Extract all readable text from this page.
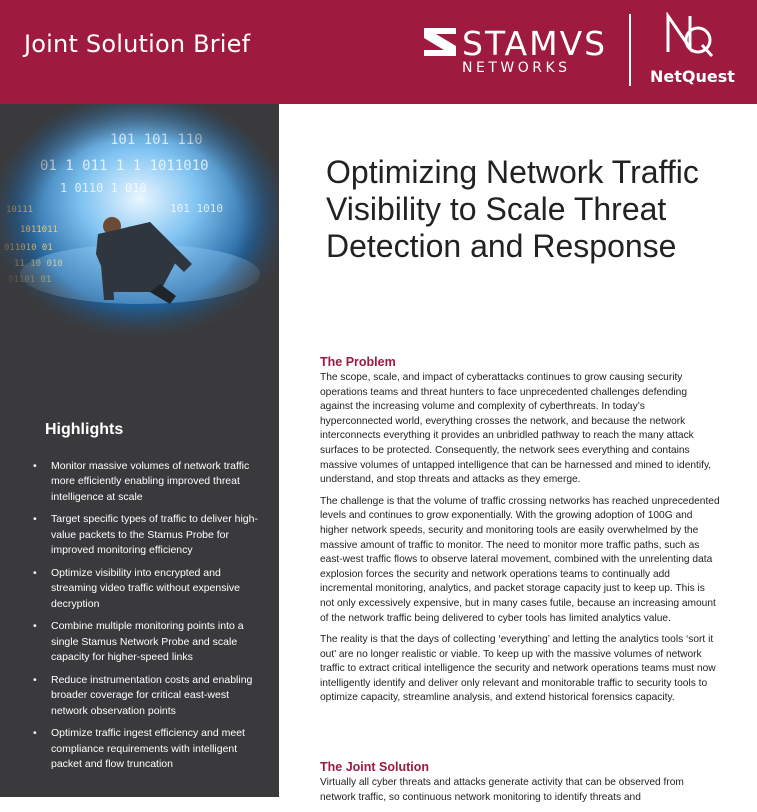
Joint Solution Brief	STAMVS
NETWORKS	NetQuest
Highlights
• Monitor massive volumes of network traffic more efficiently enabling improved threat intelligence at scale
• Target specific types of traffic to deliver high-value packets to the Stamus Probe for improved monitoring efficiency
• Optimize visibility into encrypted and streaming video traffic without expensive decryption
• Combine multiple monitoring points into a single Stamus Network Probe and scale capacity for higher-speed links
• Reduce instrumentation costs and enabling broader coverage for critical east-west network observation points
• Optimize traffic ingest efficiency and meet compliance requirements with intelligent packet and flow truncation
Optimizing Network Traffic Visibility to Scale Threat Detection and Response
The Problem

The scope, scale, and impact of cyberattacks continues to grow causing security operations teams and threat hunters to face unprecedented challenges defending against the increasing volume and complexity of cyberthreats. In today’s hyperconnected world, everything crosses the network, and because the network interconnects everything it provides an unbridled pathway to reach the many attack surfaces to be protected. Consequently, the network sees everything and contains massive volumes of untapped intelligence that can be harnessed and mined to identify, understand, and stop threats and attacks as they emerge.

The challenge is that the volume of traffic crossing networks has reached unprecedented levels and continues to grow exponentially. With the growing adoption of 100G and higher network speeds, security and monitoring tools are easily overwhelmed by the massive amount of traffic to monitor. The need to monitor more traffic paths, such as east-west traffic flows to observe lateral movement, combined with the unrelenting data explosion forces the security and network operations teams to continually add incremental monitoring, analytics, and packet storage capacity just to keep up. This is not only excessively expensive, but in many cases futile, because an increasing amount of the network traffic being delivered to cyber tools has limited analytics value.

The reality is that the days of collecting ‘everything’ and letting the analytics tools ‘sort it out’ are no longer realistic or viable. To keep up with the massive volumes of network traffic to extract critical intelligence the security and network operations teams must now intelligently identify and deliver only relevant and monitorable traffic to security tools to optimize capacity, streamline analysis, and extend historical forensics capacity.

The Joint Solution

Virtually all cyber threats and attacks generate activity that can be observed from network traffic, so continuous network monitoring to identify threats and
